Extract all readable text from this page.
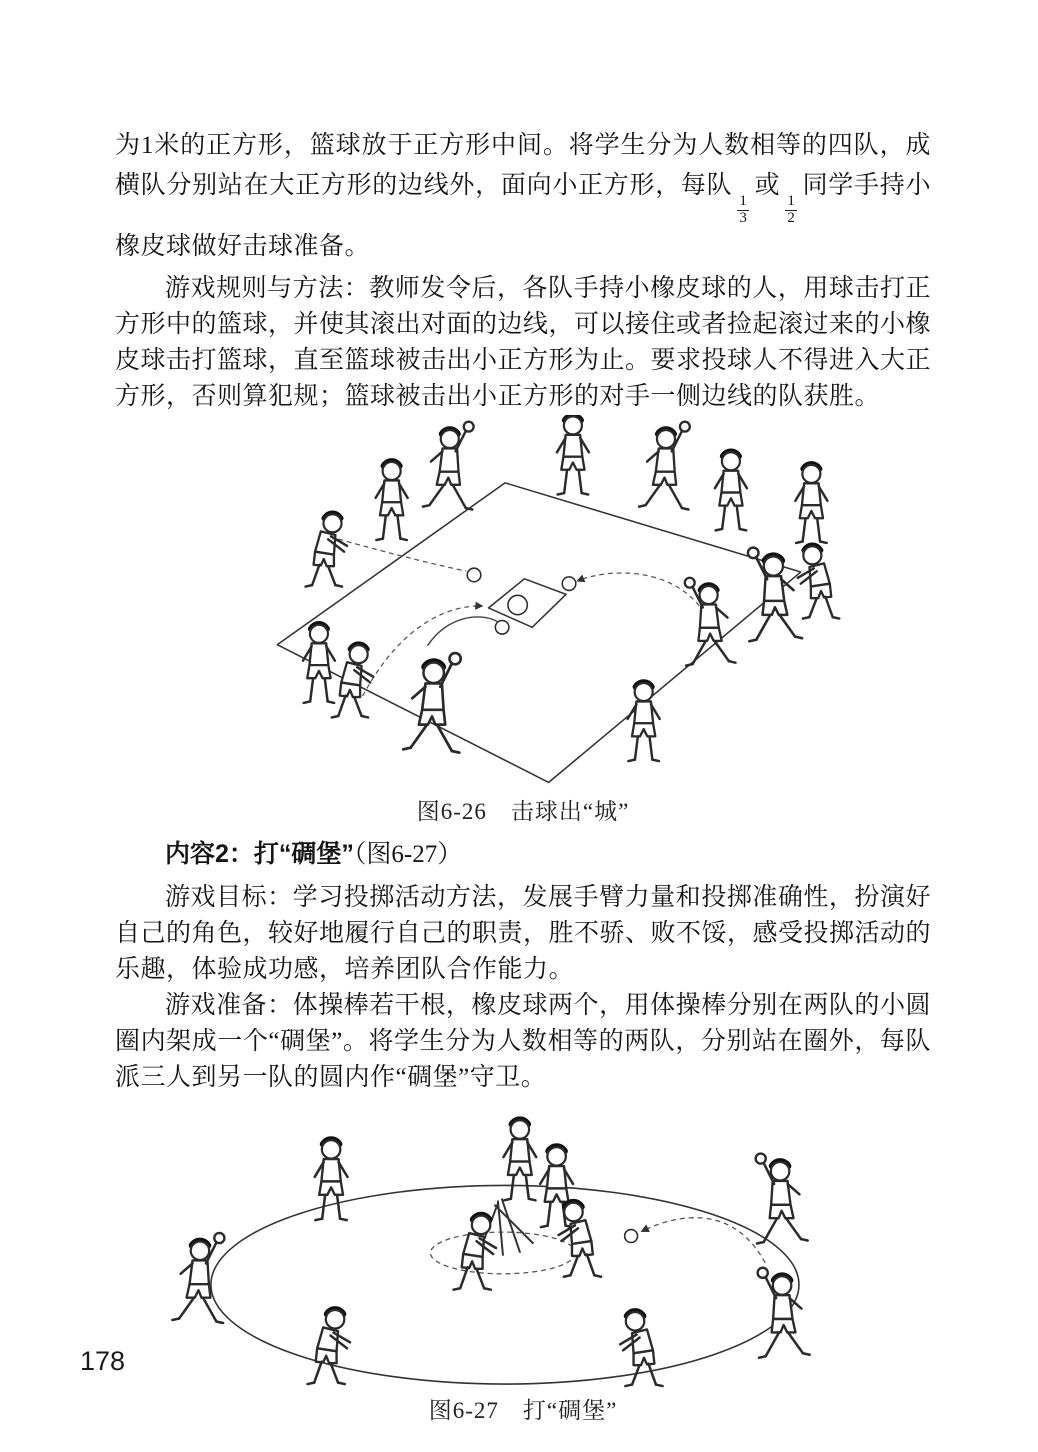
为1米的正方形，篮球放于正方形中间。将学生分为人数相等的四队，成横队分别站在大正方形的边线外，面向小正方形，每队
$\frac{1}{3}$
或
$\frac{1}{2}$
同学手持小橡皮球做好击球准备。

游戏规则与方法：教师发令后，各队手持小橡皮球的人，用球击打正方形中的篮球，并使其滚出对面的边线，可以接住或者捡起滚过来的小橡皮球击打篮球，直至篮球被击出小正方形为止。要求投球人不得进入大正方形，否则算犯规；篮球被击出小正方形的对手一侧边线的队获胜。

图6-26　击球出“城”

内容2：打“碉堡”（图6-27）

游戏目标：学习投掷活动方法，发展手臂力量和投掷准确性，扮演好自己的角色，较好地履行自己的职责，胜不骄、败不馁，感受投掷活动的乐趣，体验成功感，培养团队合作能力。

游戏准备：体操棒若干根，橡皮球两个，用体操棒分别在两队的小圆圈内架成一个“碉堡”。将学生分为人数相等的两队，分别站在圈外，每队派三人到另一队的圆内作“碉堡”守卫。

图6-27　打“碉堡”
178
